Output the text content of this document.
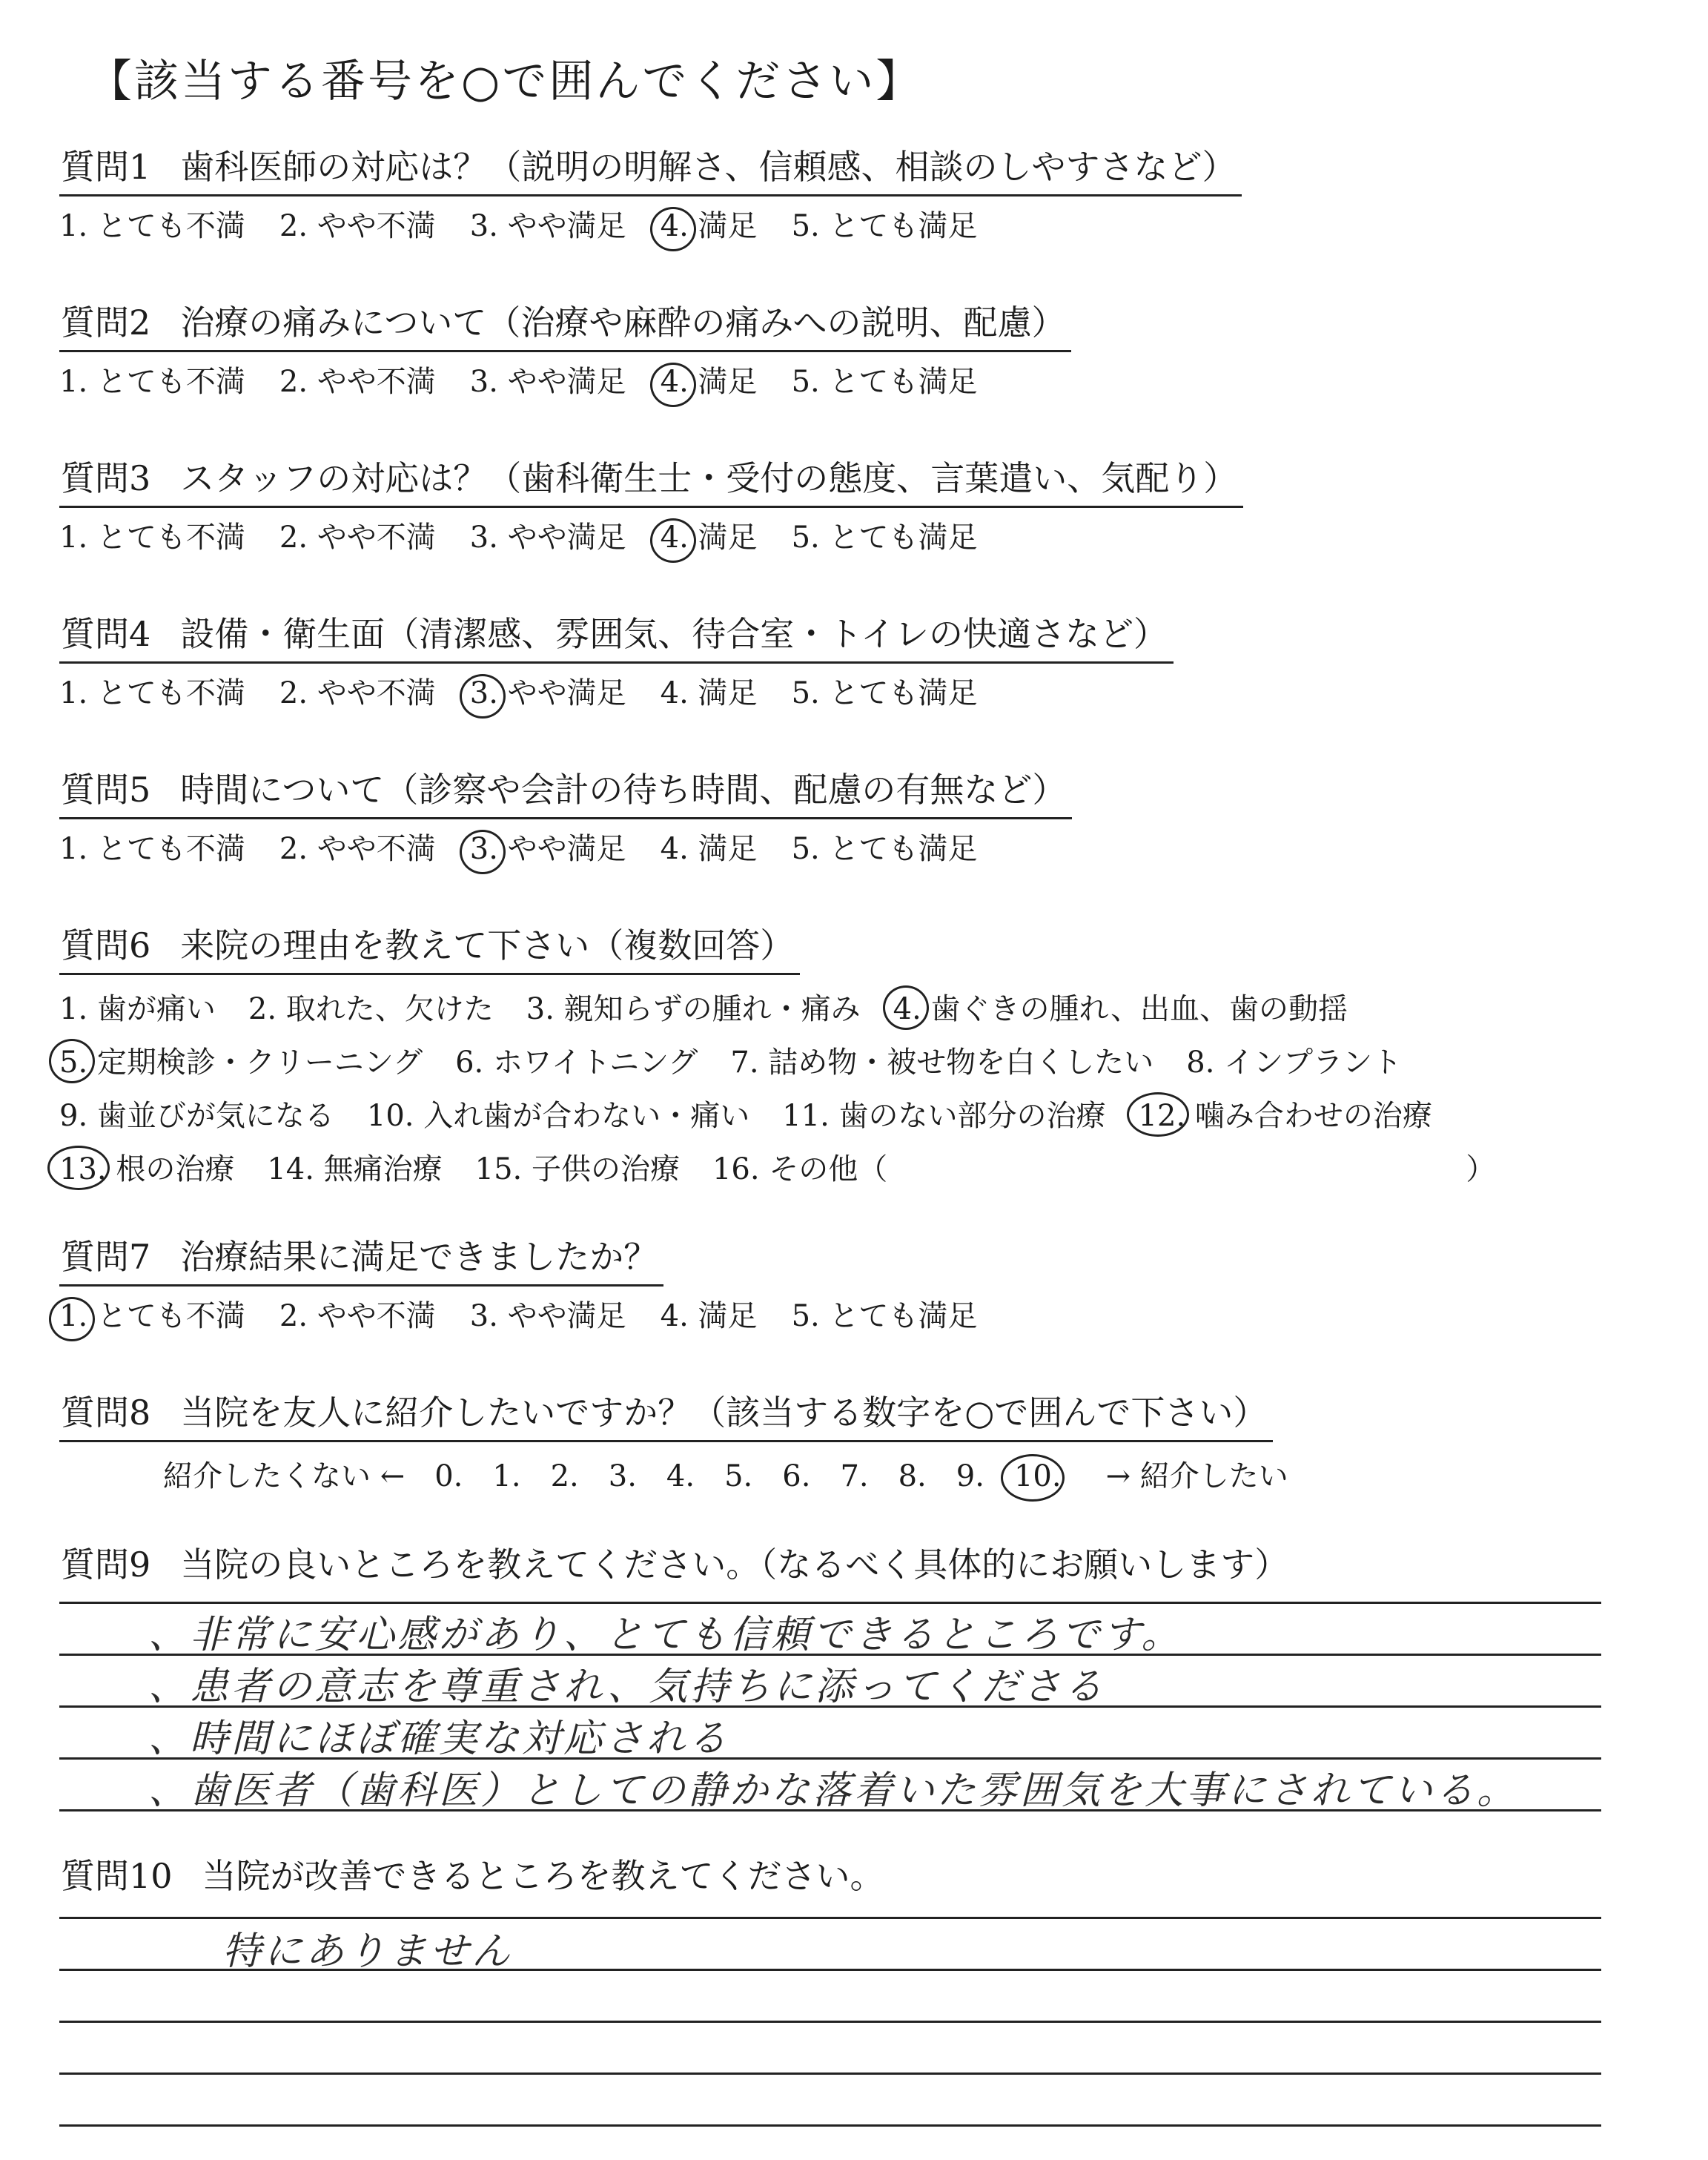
【該当する番号を○で囲んでください】
質問1 歯科医師の対応は？（説明の明解さ、信頼感、相談のしやすさなど）
1. とても不満 2. やや不満 3. やや満足 4. 満足 5. とても満足
質問2 治療の痛みについて（治療や麻酔の痛みへの説明、配慮）
1. とても不満 2. やや不満 3. やや満足 4. 満足 5. とても満足
質問3 スタッフの対応は？（歯科衛生士・受付の態度、言葉遣い、気配り）
1. とても不満 2. やや不満 3. やや満足 4. 満足 5. とても満足
質問4 設備・衛生面（清潔感、雰囲気、待合室・トイレの快適さなど）
1. とても不満 2. やや不満 3. やや満足 4. 満足 5. とても満足
質問5 時間について（診察や会計の待ち時間、配慮の有無など）
1. とても不満 2. やや不満 3. やや満足 4. 満足 5. とても満足
質問6 来院の理由を教えて下さい（複数回答）
1. 歯が痛い 2. 取れた、欠けた 3. 親知らずの腫れ・痛み 4. 歯ぐきの腫れ、出血、歯の動揺
5. 定期検診・クリーニング 6. ホワイトニング 7. 詰め物・被せ物を白くしたい 8. インプラント
9. 歯並びが気になる 10. 入れ歯が合わない・痛い 11. 歯のない部分の治療 12. 噛み合わせの治療
13. 根の治療 14. 無痛治療 15. 子供の治療 16. その他（	）
質問7 治療結果に満足できましたか？
1. とても不満 2. やや不満 3. やや満足 4. 満足 5. とても満足
質問8 当院を友人に紹介したいですか？（該当する数字を○で囲んで下さい）
紹介したくない ← 0. 1. 2. 3. 4. 5. 6. 7. 8. 9. 10. → 紹介したい
質問9 当院の良いところを教えてください。（なるべく具体的にお願いします）
、非常に安心感があり、とても信頼できるところです。
、患者の意志を尊重され、気持ちに添ってくださる
、時間にほぼ確実な対応される
、歯医者（歯科医）としての静かな落着いた雰囲気を大事にされている。
質問10 当院が改善できるところを教えてください。
特にありません
